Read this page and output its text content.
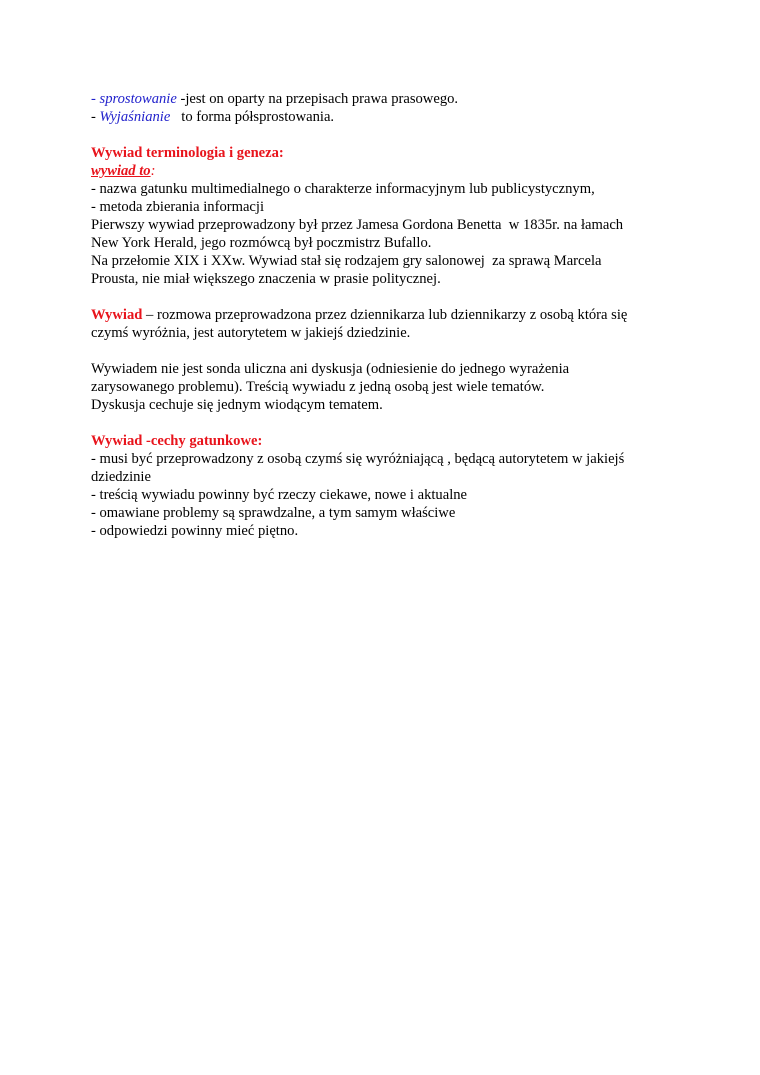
- sprostowanie -jest on oparty na przepisach prawa prasowego.

- Wyjaśnianie   to forma półsprostowania.

Wywiad terminologia i geneza:

wywiad to:

- nazwa gatunku multimedialnego o charakterze informacyjnym lub publicystycznym,

- metoda zbierania informacji

Pierwszy wywiad przeprowadzony był przez Jamesa Gordona Benetta  w 1835r. na łamach

New York Herald, jego rozmówcą był poczmistrz Bufallo.

Na przełomie XIX i XXw. Wywiad stał się rodzajem gry salonowej  za sprawą Marcela

Prousta, nie miał większego znaczenia w prasie politycznej.

Wywiad – rozmowa przeprowadzona przez dziennikarza lub dziennikarzy z osobą która się

czymś wyróżnia, jest autorytetem w jakiejś dziedzinie.

Wywiadem nie jest sonda uliczna ani dyskusja (odniesienie do jednego wyrażenia

zarysowanego problemu). Treścią wywiadu z jedną osobą jest wiele tematów.

Dyskusja cechuje się jednym wiodącym tematem.

Wywiad -cechy gatunkowe:

- musi być przeprowadzony z osobą czymś się wyróżniającą , będącą autorytetem w jakiejś

dziedzinie

- treścią wywiadu powinny być rzeczy ciekawe, nowe i aktualne

- omawiane problemy są sprawdzalne, a tym samym właściwe

- odpowiedzi powinny mieć piętno.
